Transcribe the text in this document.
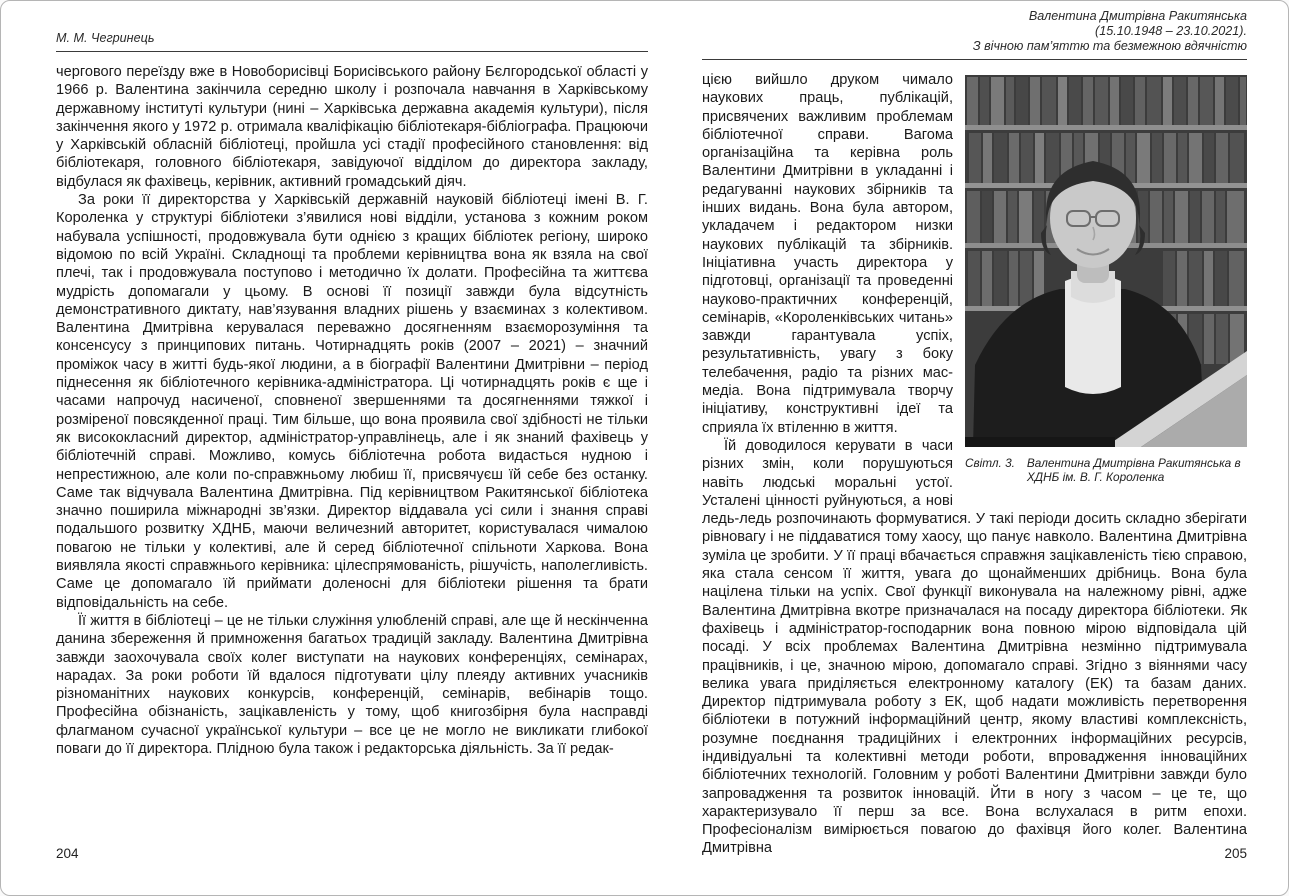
М. М. Чегринець

чергового переїзду вже в Новоборисівці Борисівського району Бєлгородської області у 1966 р. Валентина закінчила середню школу і розпочала навчання в Харківському державному інституті культури (нині – Харківська державна академія культури), після закінчення якого у 1972 р. отримала кваліфікацію бібліотекаря-бібліографа. Працюючи у Харківській обласній бібліотеці, пройшла усі стадії професійного становлення: від бібліотекаря, головного бібліотекаря, завідуючої відділом до директора закладу, відбулася як фахівець, керівник, активний громадський діяч.

За роки її директорства у Харківській державній науковій бібліотеці імені В. Г. Короленка у структурі бібліотеки з’явилися нові відділи, установа з кожним роком набувала успішності, продовжувала бути однією з кращих бібліотек регіону, широко відомою по всій Україні. Складнощі та проблеми керівництва вона як взяла на свої плечі, так і продовжувала поступово і методично їх долати. Професійна та життєва мудрість допомагали у цьому. В основі її позиції завжди була відсутність демонстративного диктату, нав’язування владних рішень у взаєминах з колективом. Валентина Дмитрівна керувалася переважно досягненням взаєморозуміння та консенсусу з принципових питань. Чотирнадцять років (2007 – 2021) – значний проміжок часу в житті будь-якої людини, а в біографії Валентини Дмитрівни – період піднесення як бібліотечного керівника-адміністратора. Ці чотирнадцять років є ще і часами напрочуд насиченої, сповненої звершеннями та досягненнями тяжкої і розміреної повсякденної праці. Тим більше, що вона проявила свої здібності не тільки як висококласний директор, адміністратор-управлінець, але і як знаний фахівець у бібліотечній справі. Можливо, комусь бібліотечна робота видасться нудною і непрестижною, але коли по-справжньому любиш її, присвячуєш їй себе без останку. Саме так відчувала Валентина Дмитрівна. Під керівництвом Ракитянської бібліотека значно поширила міжнародні зв’язки. Директор віддавала усі сили і знання справі подальшого розвитку ХДНБ, маючи величезний авторитет, користувалася чималою повагою не тільки у колективі, але й серед бібліотечної спільноти Харкова. Вона виявляла якості справжнього керівника: цілеспрямованість, рішучість, наполегливість. Саме це допомагало їй приймати доленосні для бібліотеки рішення та брати відповідальність на себе.

Її життя в бібліотеці – це не тільки служіння улюбленій справі, але ще й нескінченна данина збереження й примноження багатьох традицій закладу. Валентина Дмитрівна завжди заохочувала своїх колег виступати на наукових конференціях, семінарах, нарадах. За роки роботи їй вдалося підготувати цілу плеяду активних учасників різноманітних наукових конкурсів, конференцій, семінарів, вебінарів тощо. Професійна обізнаність, зацікавленість у тому, щоб книгозбірня була насправді флагманом сучасної української культури – все це не могло не викликати глибокої поваги до її директора. Плідною була також і редакторська діяльність. За її редак-

204
Валентина Дмитрівна Ракитянська
(15.10.1948 – 23.10.2021).
З вічною пам’яттю та безмежною вдячністю
Світл. 3. Валентина Дмитрівна Ракитянська в ХДНБ ім. В. Г. Короленка

цією вийшло друком чимало наукових праць, публікацій, присвячених важливим проблемам бібліотечної справи. Вагома організаційна та керівна роль Валентини Дмитрівни в укладанні і редагуванні наукових збірників та інших видань. Вона була автором, укладачем і редактором низки наукових публікацій та збірників. Ініціативна участь директора у підготовці, організації та проведенні науково-практичних конференцій, семінарів, «Короленківських читань» завжди гарантувала успіх, результативність, увагу з боку телебачення, радіо та різних мас-медіа. Вона підтримувала творчу ініціативу, конструктивні ідеї та сприяла їх втіленню в життя.

Їй доводилося керувати в часи різних змін, коли порушуються навіть людські моральні устої. Усталені цінності руйнуються, а нові ледь-ледь розпочинають формуватися. У такі періоди досить складно зберігати рівновагу і не піддаватися тому хаосу, що панує навколо. Валентина Дмитрівна зуміла це зробити. У її праці вбачається справжня зацікавленість тією справою, яка стала сенсом її життя, увага до щонайменших дрібниць. Вона була націлена тільки на успіх. Свої функції виконувала на належному рівні, адже Валентина Дмитрівна вкотре призначалася на посаду директора бібліотеки. Як фахівець і адміністратор-господарник вона повною мірою відповідала цій посаді. У всіх проблемах Валентина Дмитрівна незмінно підтримувала працівників, і це, значною мірою, допомагало справі. Згідно з віяннями часу велика увага приділяється електронному каталогу (ЕК) та базам даних. Директор підтримувала роботу з ЕК, щоб надати можливість перетворення бібліотеки в потужний інформаційний центр, якому властиві комплексність, розумне поєднання традиційних і електронних інформаційних ресурсів, індивідуальні та колективні методи роботи, впровадження інноваційних бібліотечних технологій. Головним у роботі Валентини Дмитрівни завжди було запровадження та розвиток інновацій. Йти в ногу з часом – це те, що характеризувало її перш за все. Вона вслухалася в ритм епохи. Професіоналізм вимірюється повагою до фахівця його колег. Валентина Дмитрівна	205
